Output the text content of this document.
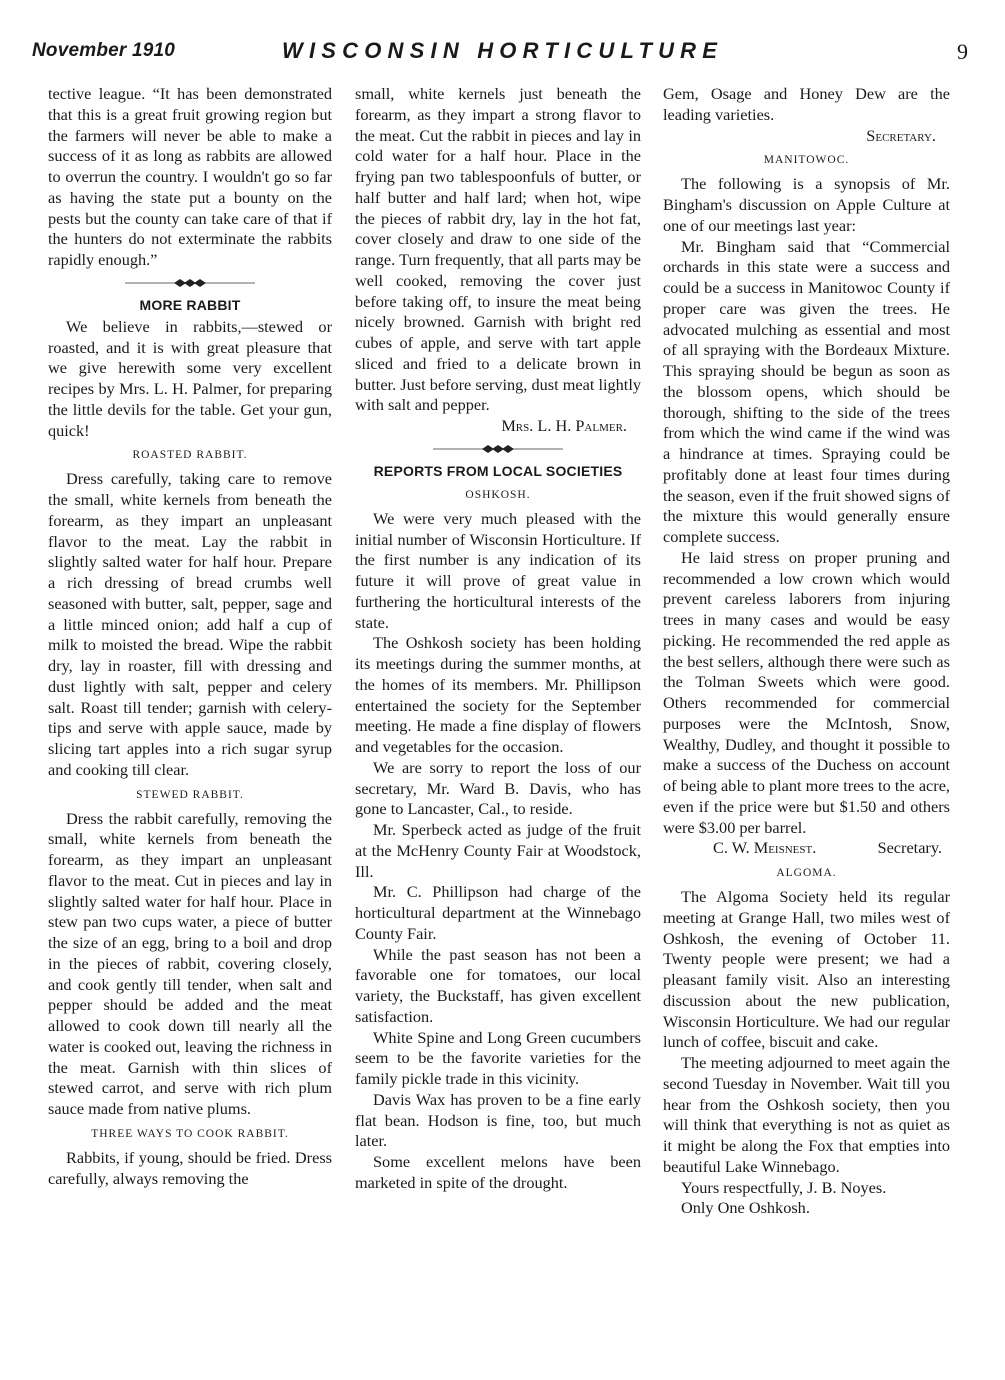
November 1910	WISCONSIN HORTICULTURE	9

tective league. “It has been demonstrated that this is a great fruit growing region but the farmers will never be able to make a success of it as long as rabbits are allowed to overrun the country. I wouldn't go so far as having the state put a bounty on the pests but the county can take care of that if the hunters do not exterminate the rabbits rapidly enough.”

MORE RABBIT

We believe in rabbits,—stewed or roasted, and it is with great pleasure that we give herewith some very excellent recipes by Mrs. L. H. Palmer, for preparing the little devils for the table. Get your gun, quick!

ROASTED RABBIT.

Dress carefully, taking care to remove the small, white kernels from beneath the forearm, as they impart an unpleasant flavor to the meat. Lay the rabbit in slightly salted water for half hour. Prepare a rich dressing of bread crumbs well seasoned with butter, salt, pepper, sage and a little minced onion; add half a cup of milk to moisted the bread. Wipe the rabbit dry, lay in roaster, fill with dressing and dust lightly with salt, pepper and celery salt. Roast till tender; garnish with celery-tips and serve with apple sauce, made by slicing tart apples into a rich sugar syrup and cooking till clear.

STEWED RABBIT.

Dress the rabbit carefully, removing the small, white kernels from beneath the forearm, as they impart an unpleasant flavor to the meat. Cut in pieces and lay in slightly salted water for half hour. Place in stew pan two cups water, a piece of butter the size of an egg, bring to a boil and drop in the pieces of rabbit, covering closely, and cook gently till tender, when salt and pepper should be added and the meat allowed to cook down till nearly all the water is cooked out, leaving the richness in the meat. Garnish with thin slices of stewed carrot, and serve with rich plum sauce made from native plums.

THREE WAYS TO COOK RABBIT.

Rabbits, if young, should be fried. Dress carefully, always removing the

small, white kernels just beneath the forearm, as they impart a strong flavor to the meat. Cut the rabbit in pieces and lay in cold water for a half hour. Place in the frying pan two tablespoonfuls of butter, or half butter and half lard; when hot, wipe the pieces of rabbit dry, lay in the hot fat, cover closely and draw to one side of the range. Turn frequently, that all parts may be well cooked, removing the cover just before taking off, to insure the meat being nicely browned. Garnish with bright red cubes of apple, and serve with tart apple sliced and fried to a delicate brown in butter. Just before serving, dust meat lightly with salt and pepper.

Mrs. L. H. Palmer.
REPORTS FROM LOCAL SOCIETIES
OSHKOSH.

We were very much pleased with the initial number of Wisconsin Horticulture. If the first number is any indication of its future it will prove of great value in furthering the horticultural interests of the state.

The Oshkosh society has been holding its meetings during the summer months, at the homes of its members. Mr. Phillipson entertained the society for the September meeting. He made a fine display of flowers and vegetables for the occasion.

We are sorry to report the loss of our secretary, Mr. Ward B. Davis, who has gone to Lancaster, Cal., to reside.

Mr. Sperbeck acted as judge of the fruit at the McHenry County Fair at Woodstock, Ill.

Mr. C. Phillipson had charge of the horticultural department at the Winnebago County Fair.

While the past season has not been a favorable one for tomatoes, our local variety, the Buckstaff, has given excellent satisfaction.

White Spine and Long Green cucumbers seem to be the favorite varieties for the family pickle trade in this vicinity.

Davis Wax has proven to be a fine early flat bean. Hodson is fine, too, but much later.

Some excellent melons have been marketed in spite of the drought.

Gem, Osage and Honey Dew are the leading varieties.

Secretary.
MANITOWOC.

The following is a synopsis of Mr. Bingham's discussion on Apple Culture at one of our meetings last year:

Mr. Bingham said that “Commercial orchards in this state were a success and could be a success in Manitowoc County if proper care was given the trees. He advocated mulching as essential and most of all spraying with the Bordeaux Mixture. This spraying should be begun as soon as the blossom opens, which should be thorough, shifting to the side of the trees from which the wind came if the wind was a hindrance at times. Spraying could be profitably done at least four times during the season, even if the fruit showed signs of the mixture this would generally ensure complete success.

He laid stress on proper pruning and recommended a low crown which would prevent careless laborers from injuring trees in many cases and would be easy picking. He recommended the red apple as the best sellers, although there were such as the Tolman Sweets which were good. Others recommended for commercial purposes were the McIntosh, Snow, Wealthy, Dudley, and thought it possible to make a success of the Duchess on account of being able to plant more trees to the acre, even if the price were but $1.50 and others were $3.00 per barrel.

C. W. Meisnest.	Secretary.
ALGOMA.

The Algoma Society held its regular meeting at Grange Hall, two miles west of Oshkosh, the evening of October 11. Twenty people were present; we had a pleasant family visit. Also an interesting discussion about the new publication, Wisconsin Horticulture. We had our regular lunch of coffee, biscuit and cake.

The meeting adjourned to meet again the second Tuesday in November. Wait till you hear from the Oshkosh society, then you will think that everything is not as quiet as it might be along the Fox that empties into beautiful Lake Winnebago.

Yours respectfully, J. B. Noyes.
Only One Oshkosh.
